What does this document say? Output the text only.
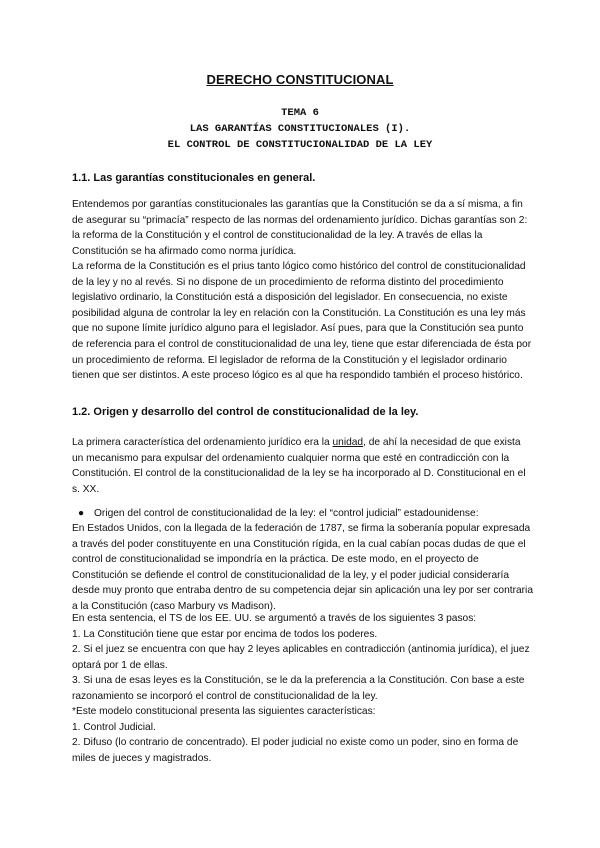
DERECHO CONSTITUCIONAL
TEMA 6
LAS GARANTÍAS CONSTITUCIONALES (I).
EL CONTROL DE CONSTITUCIONALIDAD DE LA LEY
1.1. Las garantías constitucionales en general.

Entendemos por garantías constitucionales las garantías que la Constitución se da a sí misma, a fin de asegurar su “primacía” respecto de las normas del ordenamiento jurídico. Dichas garantías son 2: la reforma de la Constitución y el control de constitucionalidad de la ley. A través de ellas la Constitución se ha afirmado como norma jurídica.

La reforma de la Constitución es el prius tanto lógico como histórico del control de constitucionalidad de la ley y no al revés. Si no dispone de un procedimiento de reforma distinto del procedimiento legislativo ordinario, la Constitución está a disposición del legislador. En consecuencia, no existe posibilidad alguna de controlar la ley en relación con la Constitución. La Constitución es una ley más que no supone límite jurídico alguno para el legislador. Así pues, para que la Constitución sea punto de referencia para el control de constitucionalidad de una ley, tiene que estar diferenciada de ésta por un procedimiento de reforma. El legislador de reforma de la Constitución y el legislador ordinario tienen que ser distintos. A este proceso lógico es al que ha respondido también el proceso histórico.

1.2. Origen y desarrollo del control de constitucionalidad de la ley.

La primera característica del ordenamiento jurídico era la unidad, de ahí la necesidad de que exista un mecanismo para expulsar del ordenamiento cualquier norma que esté en contradicción con la Constitución. El control de la constitucionalidad de la ley se ha incorporado al D. Constitucional en el s. XX.

● Origen del control de constitucionalidad de la ley: el “control judicial” estadounidense:

En Estados Unidos, con la llegada de la federación de 1787, se firma la soberanía popular expresada a través del poder constituyente en una Constitución rígida, en la cual cabían pocas dudas de que el control de constitucionalidad se impondría en la práctica. De este modo, en el proyecto de Constitución se defiende el control de constitucionalidad de la ley, y el poder judicial consideraría desde muy pronto que entraba dentro de su competencia dejar sin aplicación una ley por ser contraria a la Constitución (caso Marbury vs Madison).

En esta sentencia, el TS de los EE. UU. se argumentó a través de los siguientes 3 pasos:

1. La Constitución tiene que estar por encima de todos los poderes.

2. Si el juez se encuentra con que hay 2 leyes aplicables en contradicción (antinomia jurídica), el juez optará por 1 de ellas.

3. Si una de esas leyes es la Constitución, se le da la preferencia a la Constitución. Con base a este razonamiento se incorporó el control de constitucionalidad de la ley.

*Este modelo constitucional presenta las siguientes características:

1. Control Judicial.

2. Difuso (lo contrario de concentrado). El poder judicial no existe como un poder, sino en forma de miles de jueces y magistrados.
